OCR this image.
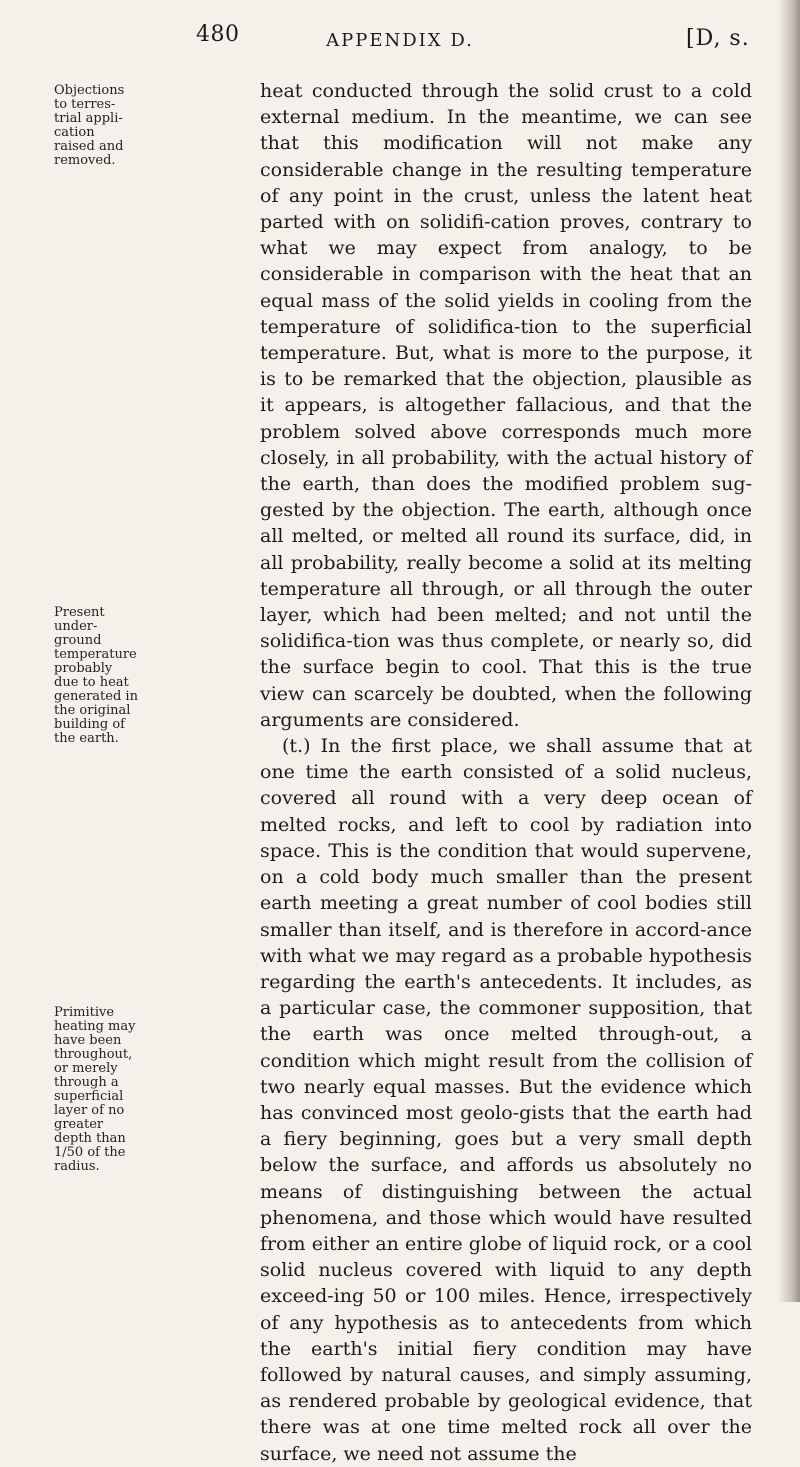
480	APPENDIX D.	[D, s.
Objections to terres-trial appli-cation raised and removed.
Present under-ground temperature probably due to heat generated in the original building of the earth.
Primitive heating may have been throughout, or merely through a superficial layer of no greater depth than 1/50 of the radius.

heat conducted through the solid crust to a cold external medium. In the meantime, we can see that this modification will not make any considerable change in the resulting temperature of any point in the crust, unless the latent heat parted with on solidifi-cation proves, contrary to what we may expect from analogy, to be considerable in comparison with the heat that an equal mass of the solid yields in cooling from the temperature of solidifica-tion to the superficial temperature. But, what is more to the purpose, it is to be remarked that the objection, plausible as it appears, is altogether fallacious, and that the problem solved above corresponds much more closely, in all probability, with the actual history of the earth, than does the modified problem sug-gested by the objection. The earth, although once all melted, or melted all round its surface, did, in all probability, really become a solid at its melting temperature all through, or all through the outer layer, which had been melted; and not until the solidifica-tion was thus complete, or nearly so, did the surface begin to cool. That this is the true view can scarcely be doubted, when the following arguments are considered.

(t.) In the first place, we shall assume that at one time the earth consisted of a solid nucleus, covered all round with a very deep ocean of melted rocks, and left to cool by radiation into space. This is the condition that would supervene, on a cold body much smaller than the present earth meeting a great number of cool bodies still smaller than itself, and is therefore in accord-ance with what we may regard as a probable hypothesis regarding the earth's antecedents. It includes, as a particular case, the commoner supposition, that the earth was once melted through-out, a condition which might result from the collision of two nearly equal masses. But the evidence which has convinced most geolo-gists that the earth had a fiery beginning, goes but a very small depth below the surface, and affords us absolutely no means of distinguishing between the actual phenomena, and those which would have resulted from either an entire globe of liquid rock, or a cool solid nucleus covered with liquid to any depth exceed-ing 50 or 100 miles. Hence, irrespectively of any hypothesis as to antecedents from which the earth's initial fiery condition may have followed by natural causes, and simply assuming, as rendered probable by geological evidence, that there was at one time melted rock all over the surface, we need not assume the
